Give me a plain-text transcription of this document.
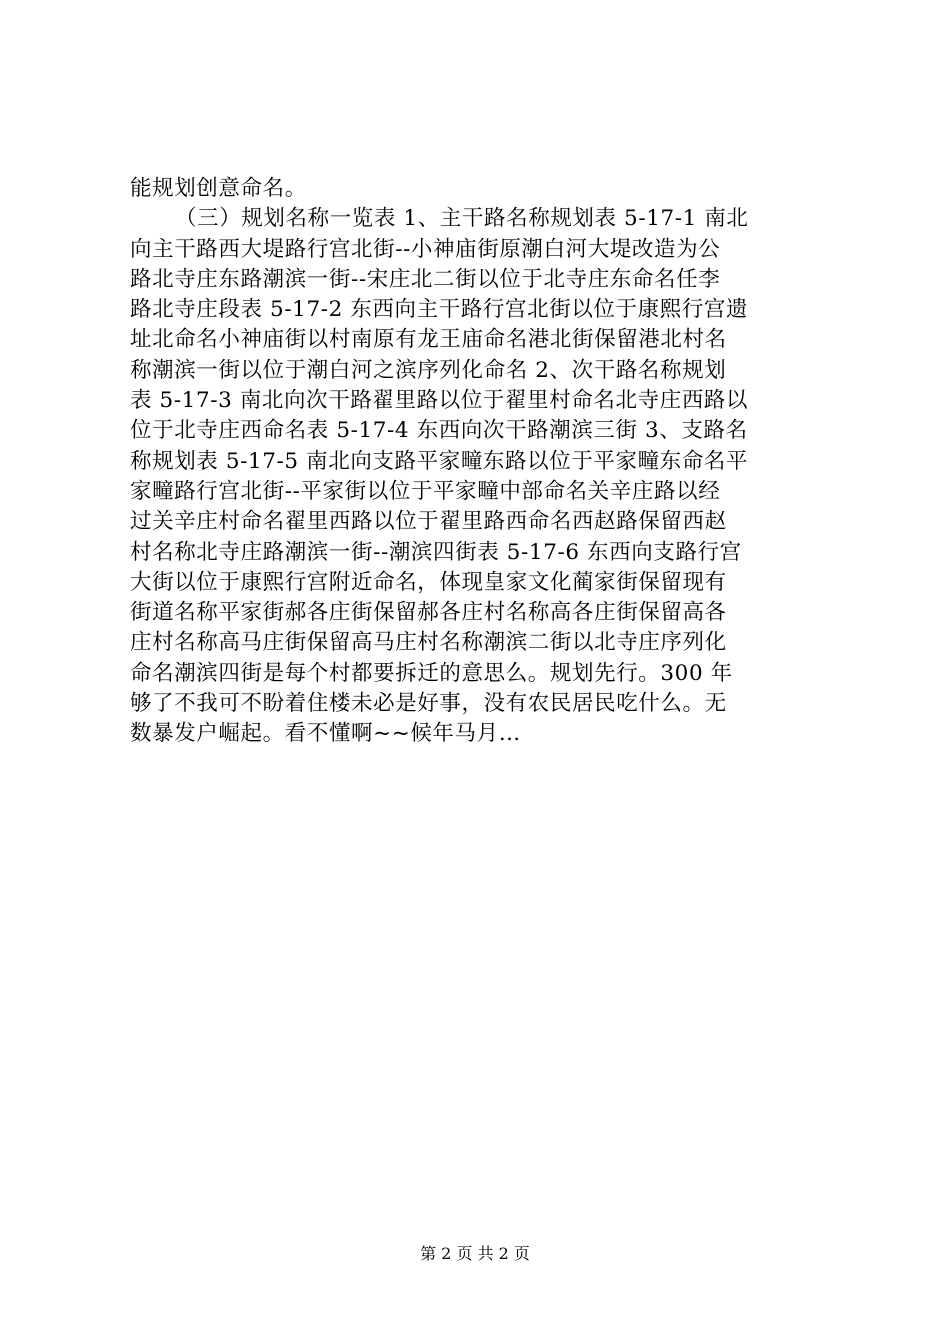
能规划创意命名。
（三）规划名称一览表 1、主干路名称规划表 5-17-1 南北
向主干路西大堤路行宫北街--小神庙街原潮白河大堤改造为公
路北寺庄东路潮滨一街--宋庄北二街以位于北寺庄东命名任李
路北寺庄段表 5-17-2 东西向主干路行宫北街以位于康熙行宫遗
址北命名小神庙街以村南原有龙王庙命名港北街保留港北村名
称潮滨一街以位于潮白河之滨序列化命名 2、次干路名称规划
表 5-17-3 南北向次干路翟里路以位于翟里村命名北寺庄西路以
位于北寺庄西命名表 5-17-4 东西向次干路潮滨三街 3、支路名
称规划表 5-17-5 南北向支路平家疃东路以位于平家疃东命名平
家疃路行宫北街--平家街以位于平家疃中部命名关辛庄路以经
过关辛庄村命名翟里西路以位于翟里路西命名西赵路保留西赵
村名称北寺庄路潮滨一街--潮滨四街表 5-17-6 东西向支路行宫
大街以位于康熙行宫附近命名，体现皇家文化蔺家街保留现有
街道名称平家街郝各庄街保留郝各庄村名称高各庄街保留高各
庄村名称高马庄街保留高马庄村名称潮滨二街以北寺庄序列化
命名潮滨四街是每个村都要拆迁的意思么。规划先行。300 年
够了不我可不盼着住楼未必是好事，没有农民居民吃什么。无
数暴发户崛起。看不懂啊~~候年马月…
第 2 页 共 2 页
